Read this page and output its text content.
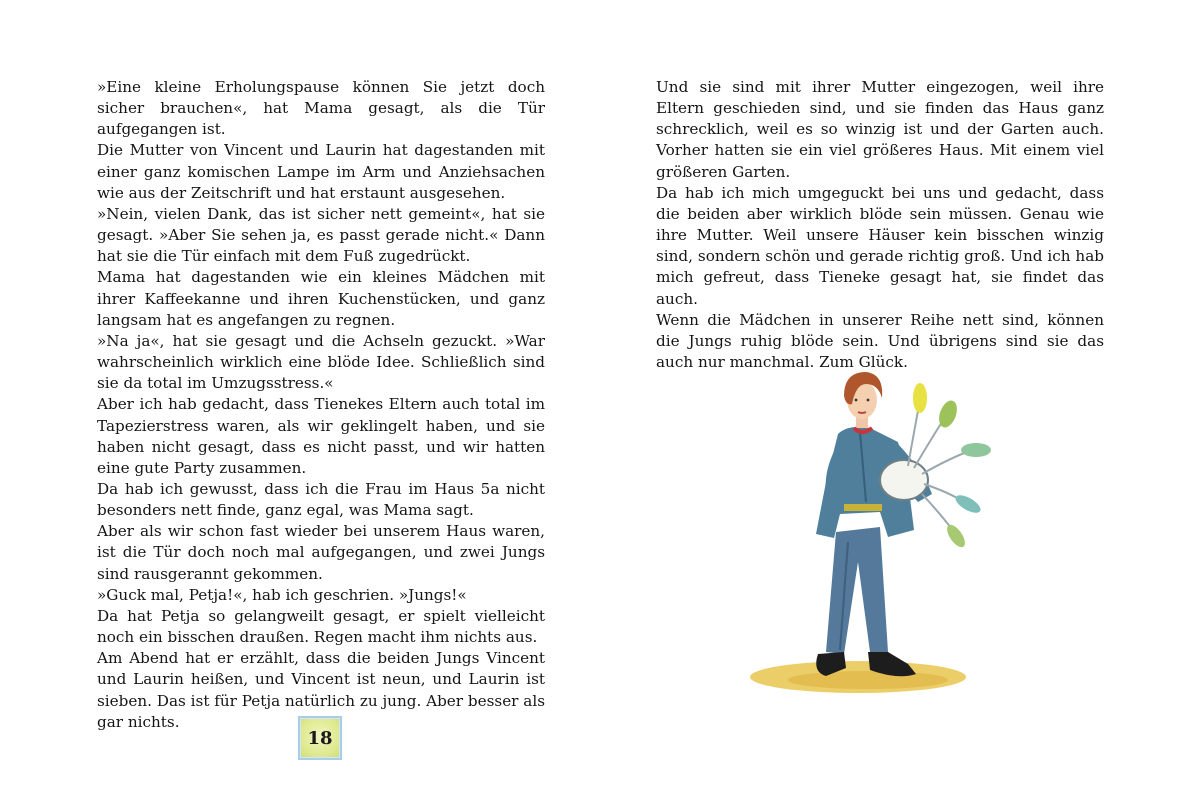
»Eine kleine Erholungspause können Sie jetzt doch sicher brauchen«, hat Mama gesagt, als die Tür aufgegangen ist.

Die Mutter von Vincent und Laurin hat dagestanden mit einer ganz komischen Lampe im Arm und Anziehsachen wie aus der Zeitschrift und hat erstaunt ausgesehen.

»Nein, vielen Dank, das ist sicher nett gemeint«, hat sie gesagt. »Aber Sie sehen ja, es passt gerade nicht.« Dann hat sie die Tür einfach mit dem Fuß zugedrückt.

Mama hat dagestanden wie ein kleines Mädchen mit ihrer Kaffeekanne und ihren Kuchenstücken, und ganz langsam hat es angefangen zu regnen.

»Na ja«, hat sie gesagt und die Achseln gezuckt. »War wahrscheinlich wirklich eine blöde Idee. Schließlich sind sie da total im Umzugsstress.«

Aber ich hab gedacht, dass Tienekes Eltern auch total im Tapezierstress waren, als wir geklingelt haben, und sie haben nicht gesagt, dass es nicht passt, und wir hatten eine gute Party zusammen.

Da hab ich gewusst, dass ich die Frau im Haus 5a nicht besonders nett finde, ganz egal, was Mama sagt.

Aber als wir schon fast wieder bei unserem Haus waren, ist die Tür doch noch mal aufgegangen, und zwei Jungs sind rausgerannt gekommen.

»Guck mal, Petja!«, hab ich geschrien. »Jungs!«

Da hat Petja so gelangweilt gesagt, er spielt vielleicht noch ein bisschen draußen. Regen macht ihm nichts aus.

Am Abend hat er erzählt, dass die beiden Jungs Vincent und Laurin heißen, und Vincent ist neun, und Laurin ist sieben. Das ist für Petja natürlich zu jung. Aber besser als gar nichts.

18

Und sie sind mit ihrer Mutter eingezogen, weil ihre Eltern geschieden sind, und sie finden das Haus ganz schrecklich, weil es so winzig ist und der Garten auch. Vorher hatten sie ein viel größeres Haus. Mit einem viel größeren Garten.

Da hab ich mich umgeguckt bei uns und gedacht, dass die beiden aber wirklich blöde sein müssen. Genau wie ihre Mutter. Weil unsere Häuser kein bisschen winzig sind, sondern schön und gerade richtig groß. Und ich hab mich gefreut, dass Tieneke gesagt hat, sie findet das auch.

Wenn die Mädchen in unserer Reihe nett sind, können die Jungs ruhig blöde sein. Und übrigens sind sie das auch nur manchmal. Zum Glück.
